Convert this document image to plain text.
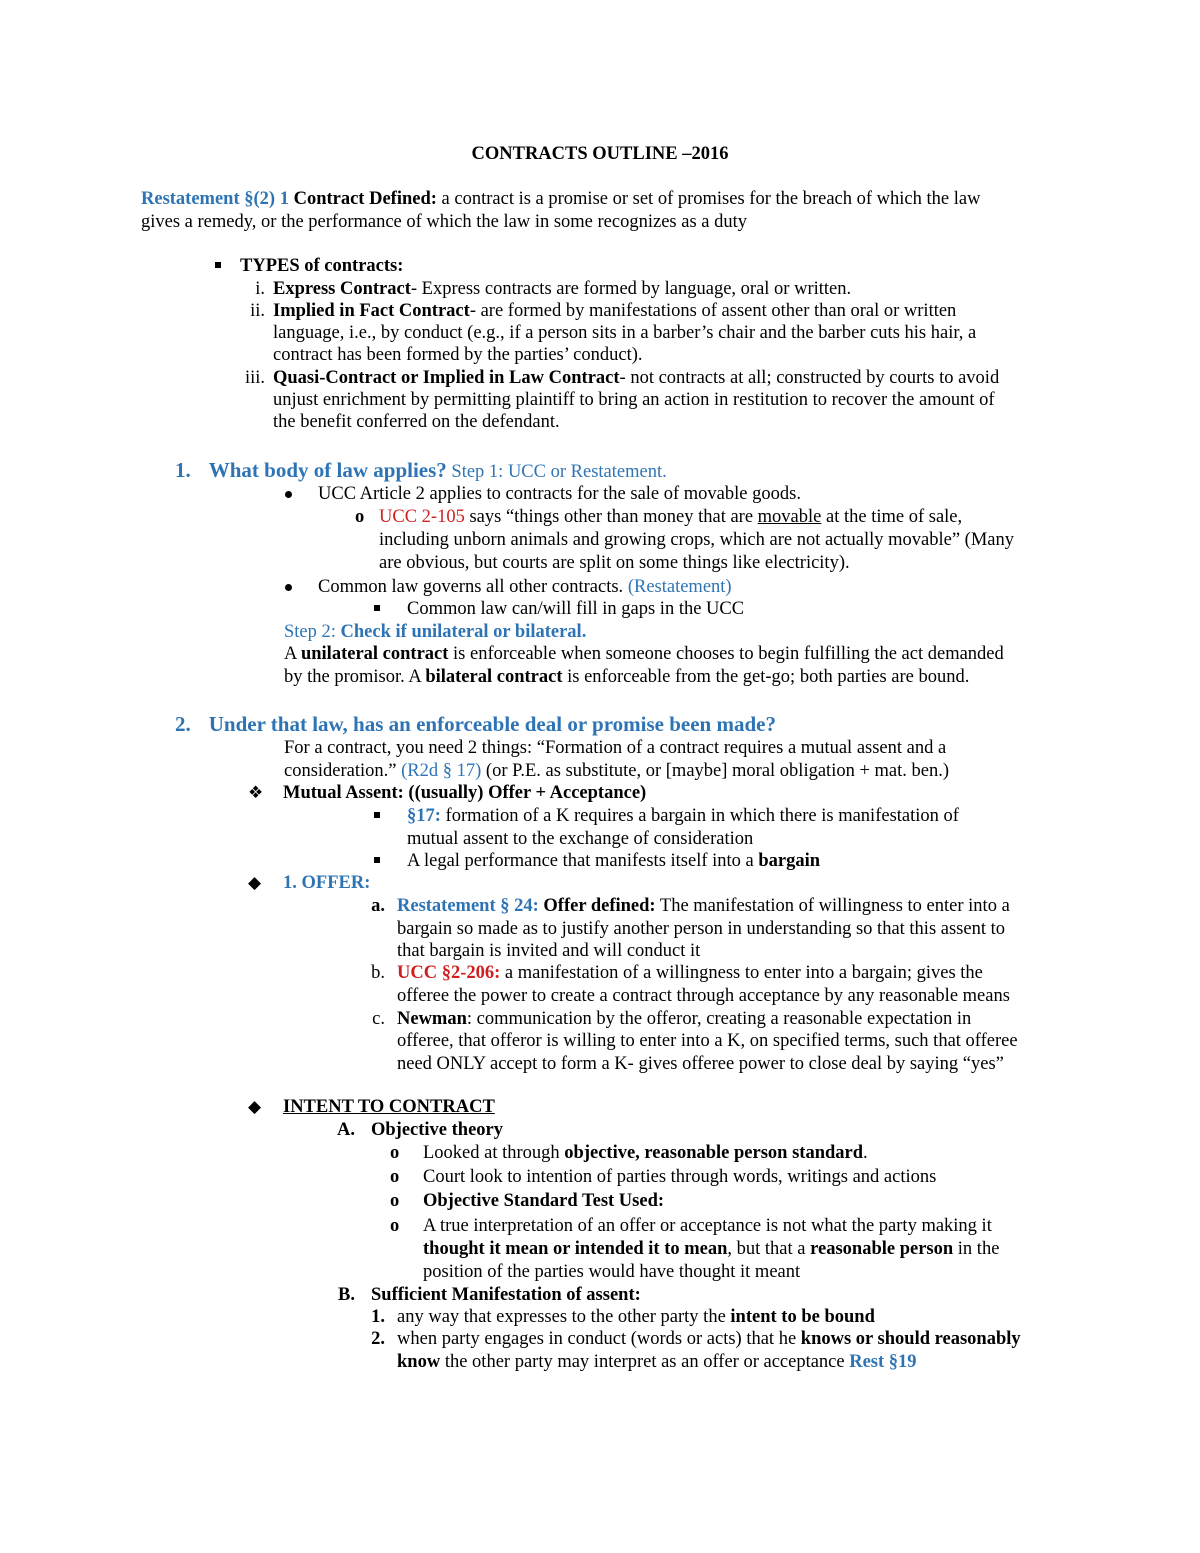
CONTRACTS OUTLINE –2016
Restatement §(2) 1 Contract Defined: a contract is a promise or set of promises for the breach of which the law
gives a remedy, or the performance of which the law in some recognizes as a duty
TYPES of contracts:
i. Express Contract- Express contracts are formed by language, oral or written.
ii. Implied in Fact Contract- are formed by manifestations of assent other than oral or written
language, i.e., by conduct (e.g., if a person sits in a barber’s chair and the barber cuts his hair, a
contract has been formed by the parties’ conduct).
iii. Quasi-Contract or Implied in Law Contract- not contracts at all; constructed by courts to avoid
unjust enrichment by permitting plaintiff to bring an action in restitution to recover the amount of
the benefit conferred on the defendant.
1. What body of law applies? Step 1: UCC or Restatement.
UCC Article 2 applies to contracts for the sale of movable goods.
o UCC 2-105 says “things other than money that are movable at the time of sale,
including unborn animals and growing crops, which are not actually movable” (Many
are obvious, but courts are split on some things like electricity).
Common law governs all other contracts. (Restatement)
Common law can/will fill in gaps in the UCC
Step 2: Check if unilateral or bilateral.
A unilateral contract is enforceable when someone chooses to begin fulfilling the act demanded
by the promisor. A bilateral contract is enforceable from the get-go; both parties are bound.
2. Under that law, has an enforceable deal or promise been made?
For a contract, you need 2 things: “Formation of a contract requires a mutual assent and a
consideration.” (R2d § 17) (or P.E. as substitute, or [maybe] moral obligation + mat. ben.)
❖ Mutual Assent: ((usually) Offer + Acceptance)
§17: formation of a K requires a bargain in which there is manifestation of
mutual assent to the exchange of consideration
A legal performance that manifests itself into a bargain
◆ 1. OFFER:
a. Restatement § 24: Offer defined: The manifestation of willingness to enter into a
bargain so made as to justify another person in understanding so that this assent to
that bargain is invited and will conduct it
b. UCC §2-206: a manifestation of a willingness to enter into a bargain; gives the
offeree the power to create a contract through acceptance by any reasonable means
c. Newman: communication by the offeror, creating a reasonable expectation in
offeree, that offeror is willing to enter into a K, on specified terms, such that offeree
need ONLY accept to form a K- gives offeree power to close deal by saying “yes”
◆ INTENT TO CONTRACT
A. Objective theory
o Looked at through objective, reasonable person standard.
o Court look to intention of parties through words, writings and actions
o Objective Standard Test Used:
o A true interpretation of an offer or acceptance is not what the party making it
thought it mean or intended it to mean, but that a reasonable person in the
position of the parties would have thought it meant
B. Sufficient Manifestation of assent:
1. any way that expresses to the other party the intent to be bound
2. when party engages in conduct (words or acts) that he knows or should reasonably
know the other party may interpret as an offer or acceptance Rest §19
